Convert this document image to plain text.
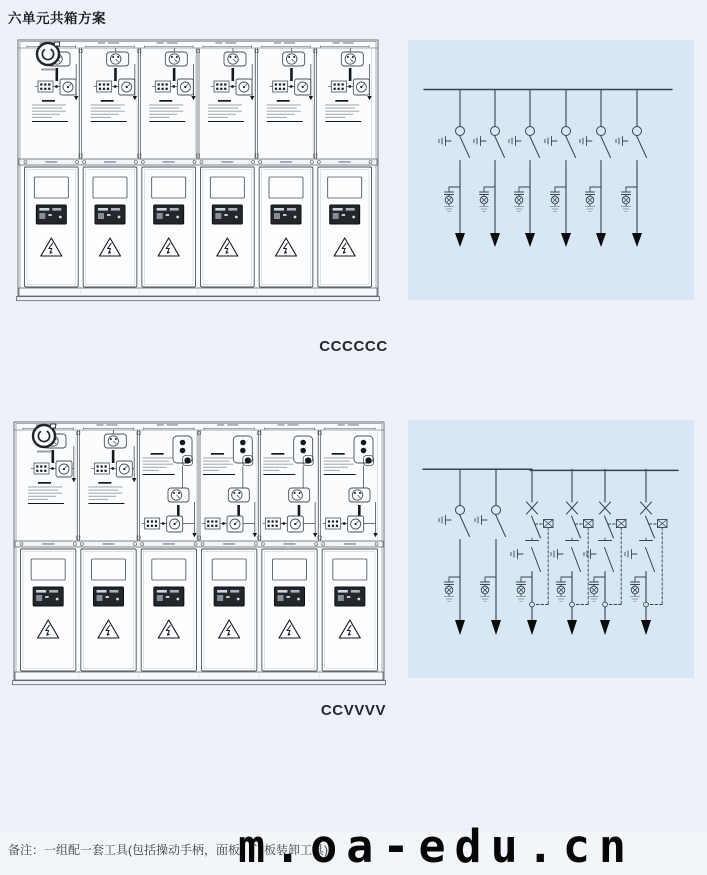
六单元共箱方案
CCCCCC
CCVVVV
备注：一组配一套工具(包括操动手柄，面板、门板装卸工具)
m.oa-edu.cn
